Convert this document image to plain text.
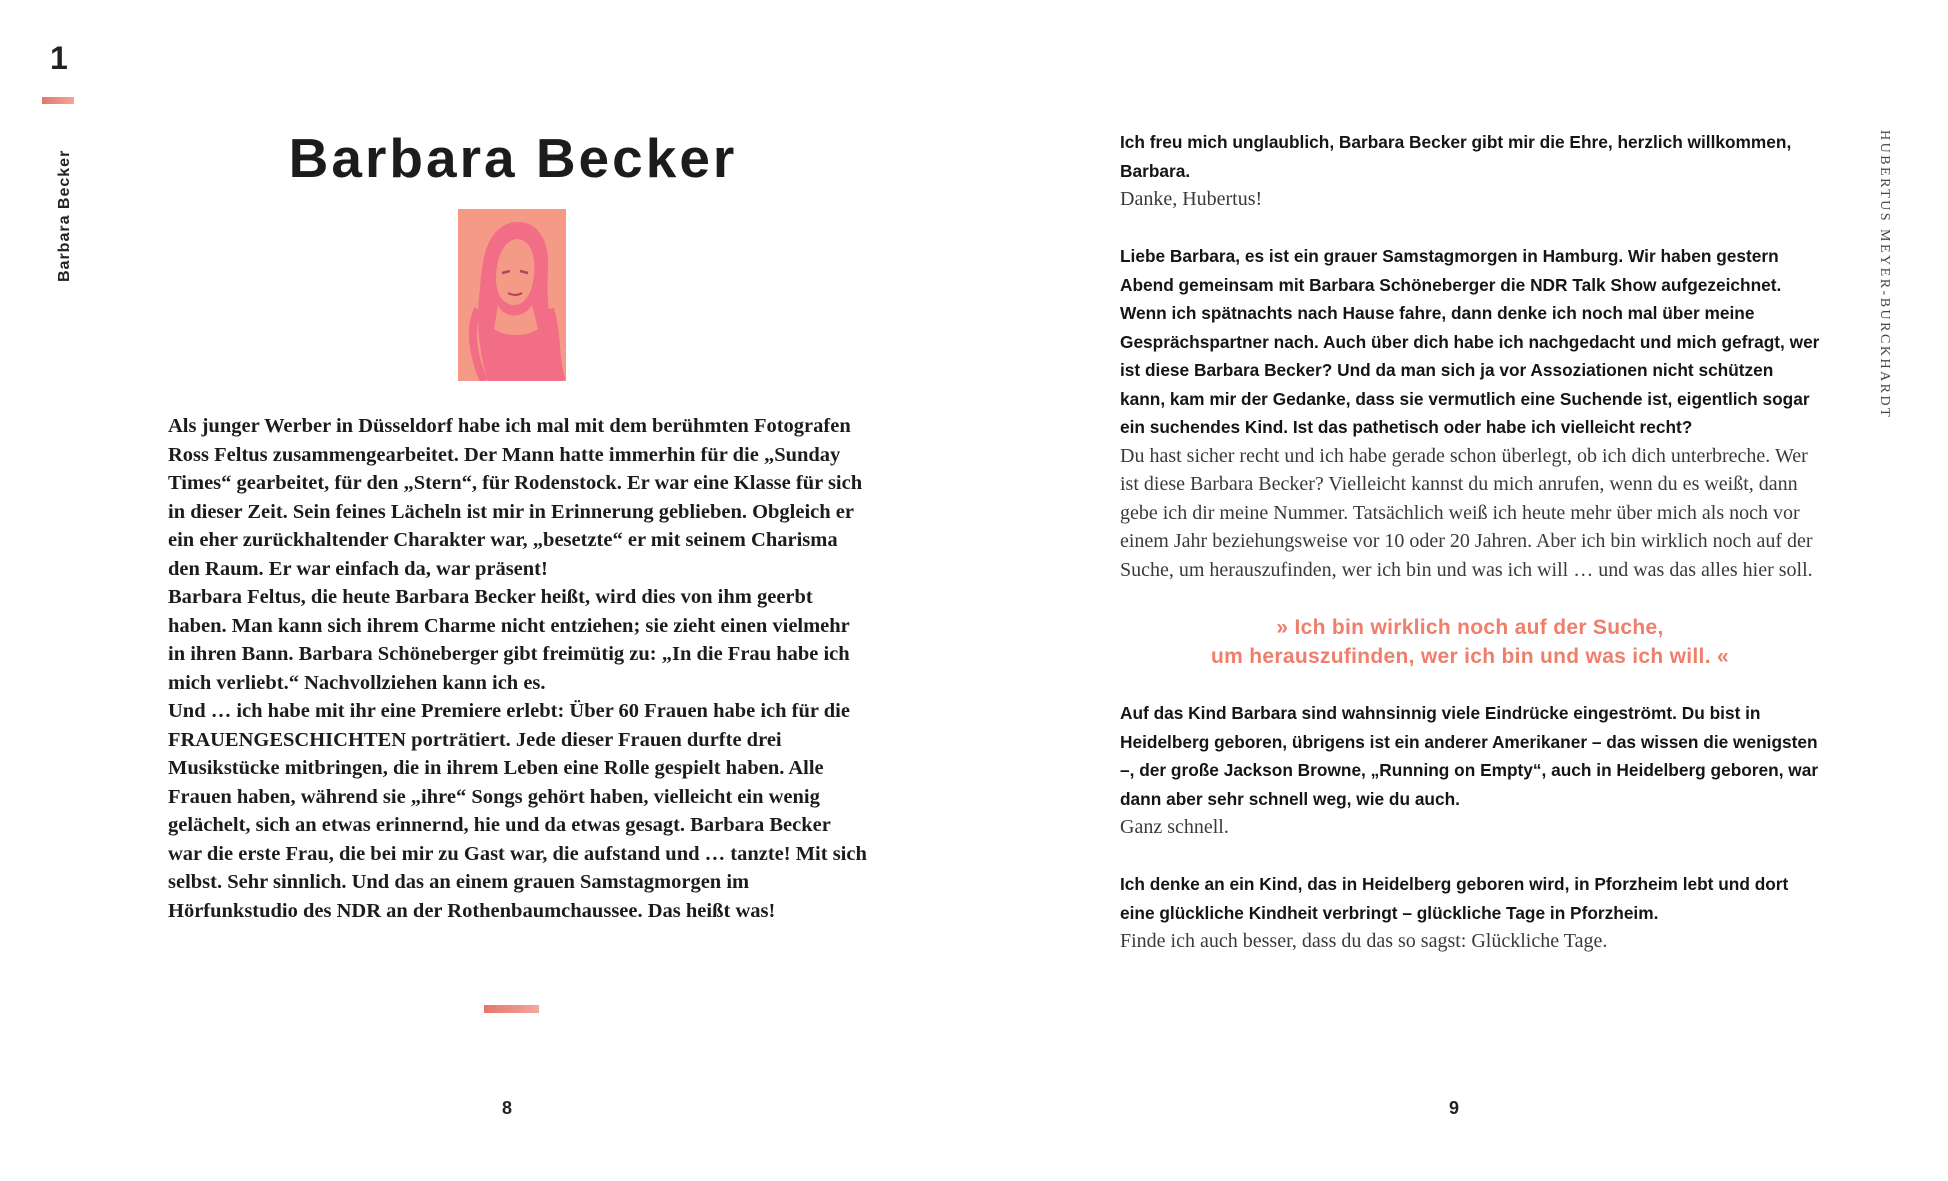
1
Barbara Becker	Barbara Becker

Als junger Werber in Düsseldorf habe ich mal mit dem berühmten Fotografen Ross Feltus zusammengearbeitet. Der Mann hatte immerhin für die „Sunday Times“ gearbeitet, für den „Stern“, für Rodenstock. Er war eine Klasse für sich in dieser Zeit. Sein feines Lächeln ist mir in Erinnerung geblieben. Obgleich er ein eher zurückhaltender Charakter war, „besetzte“ er mit seinem Charisma den Raum. Er war einfach da, war präsent!

Barbara Feltus, die heute Barbara Becker heißt, wird dies von ihm geerbt haben. Man kann sich ihrem Charme nicht entziehen; sie zieht einen vielmehr in ihren Bann. Barbara Schöneberger gibt freimütig zu: „In die Frau habe ich mich verliebt.“ Nachvollziehen kann ich es.

Und … ich habe mit ihr eine Premiere erlebt: Über 60 Frauen habe ich für die FRAUENGESCHICHTEN porträtiert. Jede dieser Frauen durfte drei Musikstücke mitbringen, die in ihrem Leben eine Rolle gespielt haben. Alle Frauen haben, während sie „ihre“ Songs gehört haben, vielleicht ein wenig gelächelt, sich an etwas erinnernd, hie und da etwas gesagt. Barbara Becker war die erste Frau, die bei mir zu Gast war, die aufstand und … tanzte! Mit sich selbst. Sehr sinnlich. Und das an einem grauen Samstagmorgen im Hörfunkstudio des NDR an der Rothenbaumchaussee. Das heißt was!

8

Ich freu mich unglaublich, Barbara Becker gibt mir die Ehre, herzlich willkommen, Barbara.

Danke, Hubertus!

Liebe Barbara, es ist ein grauer Samstagmorgen in Hamburg. Wir haben gestern Abend gemeinsam mit Barbara Schöneberger die NDR Talk Show aufgezeichnet. Wenn ich spätnachts nach Hause fahre, dann denke ich noch mal über meine Gesprächspartner nach. Auch über dich habe ich nachgedacht und mich gefragt, wer ist diese Barbara Becker? Und da man sich ja vor Assoziationen nicht schützen kann, kam mir der Gedanke, dass sie vermutlich eine Suchende ist, eigentlich sogar ein suchendes Kind. Ist das pathetisch oder habe ich vielleicht recht?

Du hast sicher recht und ich habe gerade schon überlegt, ob ich dich unterbreche. Wer ist diese Barbara Becker? Vielleicht kannst du mich anrufen, wenn du es weißt, dann gebe ich dir meine Nummer. Tatsächlich weiß ich heute mehr über mich als noch vor einem Jahr beziehungsweise vor 10 oder 20 Jahren. Aber ich bin wirklich noch auf der Suche, um herauszufinden, wer ich bin und was ich will … und was das alles hier soll.

» Ich bin wirklich noch auf der Suche,
um herauszufinden, wer ich bin und was ich will. «

Auf das Kind Barbara sind wahnsinnig viele Eindrücke eingeströmt. Du bist in Heidelberg geboren, übrigens ist ein anderer Amerikaner – das wissen die wenigsten –, der große Jackson Browne, „Running on Empty“, auch in Heidelberg geboren, war dann aber sehr schnell weg, wie du auch.

Ganz schnell.

Ich denke an ein Kind, das in Heidelberg geboren wird, in Pforzheim lebt und dort eine glückliche Kindheit verbringt – glückliche Tage in Pforzheim.

Finde ich auch besser, dass du das so sagst: Glückliche Tage.

HUBERTUS MEYER-BURCKHARDT
9
